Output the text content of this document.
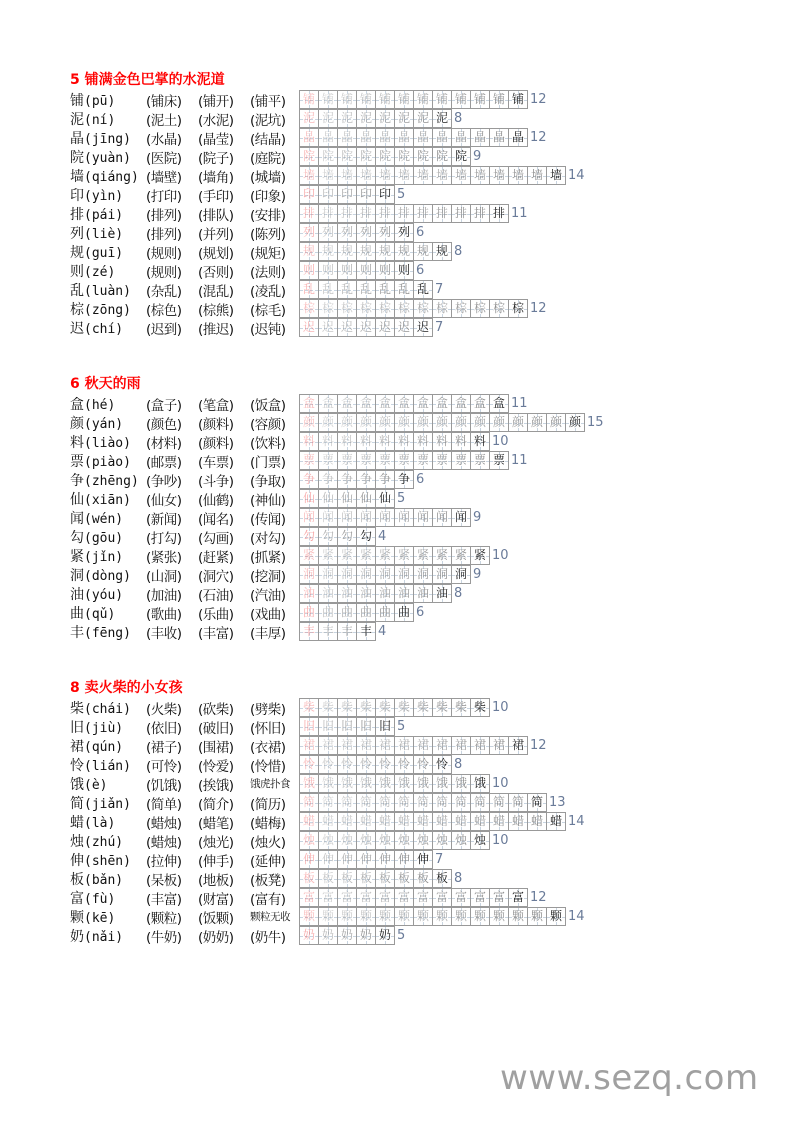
5 铺满金色巴掌的水泥道
铺(pū)	(铺床)	(铺开)	(铺平)	铺 铺 铺 铺 铺 铺 铺 铺 铺 铺 铺 铺 12
泥(ní)	(泥土)	(水泥)	(泥坑)	泥 泥 泥 泥 泥 泥 泥 泥 8
晶(jīng)	(水晶)	(晶莹)	(结晶)	晶 晶 晶 晶 晶 晶 晶 晶 晶 晶 晶 晶 12
院(yuàn)	(医院)	(院子)	(庭院)	院 院 院 院 院 院 院 院 院 9
墙(qiáng) (墙壁)	(墙角)	(城墙)	墙 墙 墙 墙 墙 墙 墙 墙 墙 墙 墙 墙 墙 墙 14
印(yìn)	(打印)	(手印)	(印象)	印 印 印 印 印 5
排(pái)	(排列)	(排队)	(安排)	排 排 排 排 排 排 排 排 排 排 排 11
列(liè)	(排列)	(并列)	(陈列)	列 列 列 列 列 列 6
规(guī)	(规则)	(规划)	(规矩)	规 规 规 规 规 规 规 规 8
则(zé)	(规则)	(否则)	(法则)	则 则 则 则 则 则 6
乱(luàn)	(杂乱)	(混乱)	(凌乱)	乱 乱 乱 乱 乱 乱 乱 7
棕(zōng)	(棕色)	(棕熊)	(棕毛)	棕 棕 棕 棕 棕 棕 棕 棕 棕 棕 棕 棕 12
迟(chí)	(迟到)	(推迟)	(迟钝)	迟 迟 迟 迟 迟 迟 迟 7
6 秋天的雨
盒(hé)	(盒子)	(笔盒)	(饭盒)	盒 盒 盒 盒 盒 盒 盒 盒 盒 盒 盒 11
颜(yán)	(颜色)	(颜料)	(容颜)	颜 颜 颜 颜 颜 颜 颜 颜 颜 颜 颜 颜 颜 颜 颜 15
料(liào)	(材料)	(颜料)	(饮料)	料 料 料 料 料 料 料 料 料 料 10
票(piào)	(邮票)	(车票)	(门票)	票 票 票 票 票 票 票 票 票 票 票 11
争(zhēng) (争吵)	(斗争)	(争取)	争 争 争 争 争 争 6
仙(xiān)	(仙女)	(仙鹤)	(神仙)	仙 仙 仙 仙 仙 5
闻(wén)	(新闻)	(闻名)	(传闻)	闻 闻 闻 闻 闻 闻 闻 闻 闻 9
勾(gōu)	(打勾)	(勾画)	(对勾)	勾 勾 勾 勾 4
紧(jǐn)	(紧张)	(赶紧)	(抓紧)	紧 紧 紧 紧 紧 紧 紧 紧 紧 紧 10
洞(dòng)	(山洞)	(洞穴)	(挖洞)	洞 洞 洞 洞 洞 洞 洞 洞 洞 9
油(yóu)	(加油)	(石油)	(汽油)	油 油 油 油 油 油 油 油 8
曲(qǔ)	(歌曲)	(乐曲)	(戏曲)	曲 曲 曲 曲 曲 曲 6
丰(fēng)	(丰收)	(丰富)	(丰厚)	丰 丰 丰 丰 4
8 卖火柴的小女孩
柴(chái)	(火柴)	(砍柴)	(劈柴)	柴 柴 柴 柴 柴 柴 柴 柴 柴 柴 10
旧(jiù)	(依旧)	(破旧)	(怀旧)	旧 旧 旧 旧 旧 5
裙(qún)	(裙子)	(围裙)	(衣裙)	裙 裙 裙 裙 裙 裙 裙 裙 裙 裙 裙 裙 12
怜(lián)	(可怜)	(怜爱)	(怜惜)	怜 怜 怜 怜 怜 怜 怜 怜 8
饿(è)	(饥饿)	(挨饿)	饿虎扑食	饿 饿 饿 饿 饿 饿 饿 饿 饿 饿 10
简(jiǎn)	(简单)	(简介)	(简历)	简 简 简 简 简 简 简 简 简 简 简 简 简 13
蜡(là)	(蜡烛)	(蜡笔)	(蜡梅)	蜡 蜡 蜡 蜡 蜡 蜡 蜡 蜡 蜡 蜡 蜡 蜡 蜡 蜡 14
烛(zhú)	(蜡烛)	(烛光)	(烛火)	烛 烛 烛 烛 烛 烛 烛 烛 烛 烛 10
伸(shēn)	(拉伸)	(伸手)	(延伸)	伸 伸 伸 伸 伸 伸 伸 7
板(bǎn)	(呆板)	(地板)	(板凳)	板 板 板 板 板 板 板 板 8
富(fù)	(丰富)	(财富)	(富有)	富 富 富 富 富 富 富 富 富 富 富 富 12
颗(kē)	(颗粒)	(饭颗)	颗粒无收	颗 颗 颗 颗 颗 颗 颗 颗 颗 颗 颗 颗 颗 颗 14
奶(nǎi)	(牛奶)	(奶奶)	(奶牛)	奶 奶 奶 奶 奶 5
www.sezq.com
